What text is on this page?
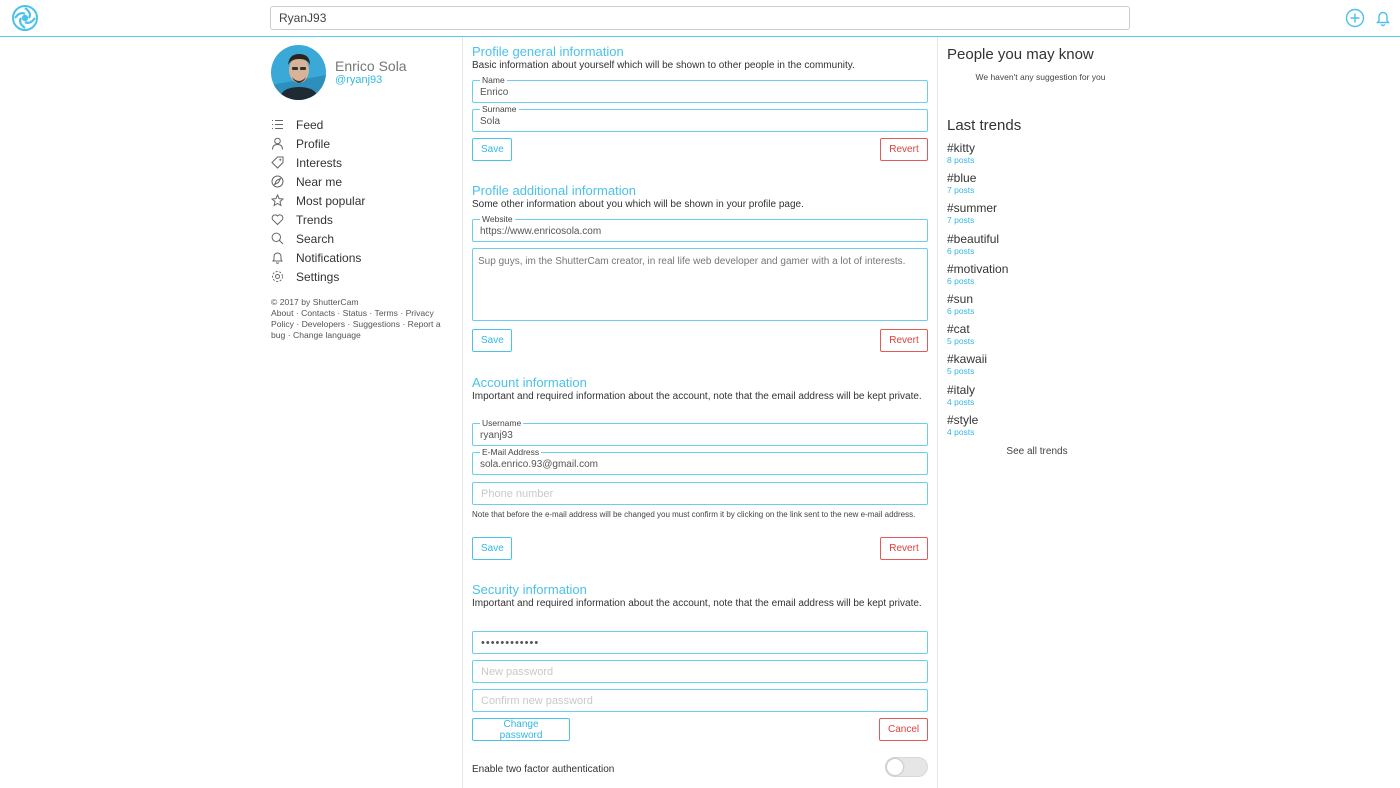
RyanJ93
Enrico Sola
@ryanj93
Feed
Profile
Interests
Near me
Most popular
Trends
Search
Notifications
Settings
© 2017 by ShutterCam
About · Contacts · Status · Terms · Privacy Policy · Developers · Suggestions · Report a bug · Change language
Profile general information
Basic information about yourself which will be shown to other people in the community.
Name
Enrico
Surname
Sola
Save	Revert
Profile additional information
Some other information about you which will be shown in your profile page.
Website
https://www.enricosola.com
Sup guys, im the ShutterCam creator, in real life web developer and gamer with a lot of interests.
Save	Revert
Account information
Important and required information about the account, note that the email address will be kept private.
Username
ryanj93
E-Mail Address
sola.enrico.93@gmail.com
Phone number
Note that before the e-mail address will be changed you must confirm it by clicking on the link sent to the new e-mail address.
Save	Revert
Security information
Important and required information about the account, note that the email address will be kept private.
••••••••••••
New password
Confirm new password
Change password
Cancel
Enable two factor authentication
People you may know
We haven't any suggestion for you
Last trends
#kitty
8 posts
#blue
7 posts
#summer
7 posts
#beautiful
6 posts
#motivation
6 posts
#sun
6 posts
#cat
5 posts
#kawaii
5 posts
#italy
4 posts
#style
4 posts
See all trends
